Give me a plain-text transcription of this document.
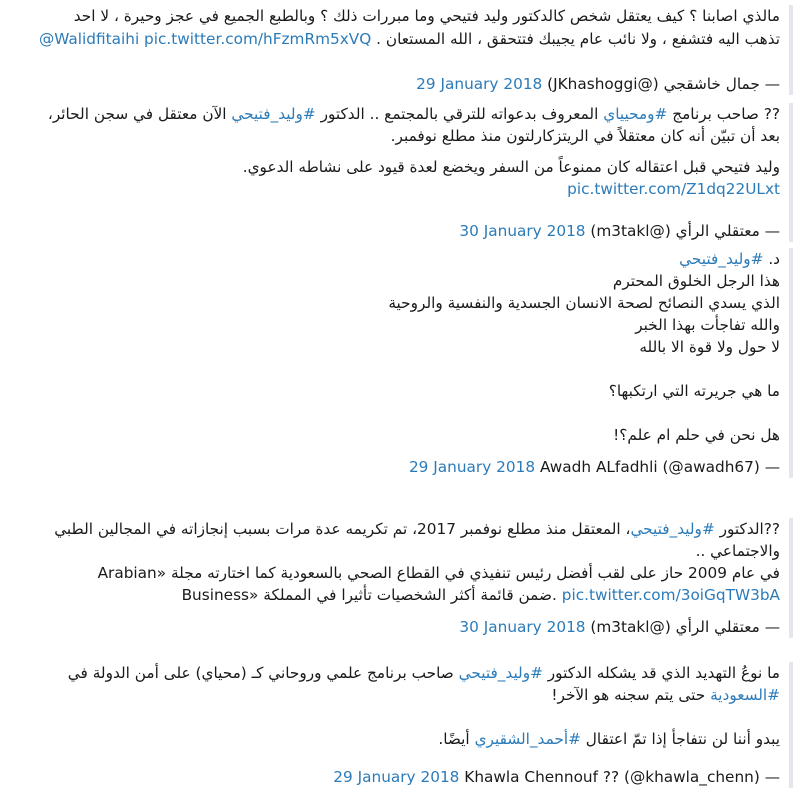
مالذي اصابنا ؟ كيف يعتقل شخص كالدكتور وليد فتيحي وما مبررات ذلك ؟ وبالطبع الجميع في عجز وحيرة ، لا احد
تذهب اليه فتشفع ، ولا نائب عام يجيبك فتتحقق ، الله المستعان . @Walidfitaihi pic.twitter.com/hFzmRm5xVQ
29 January 2018 جمال خاشقجي (@JKhashoggi) —
?? صاحب برنامج #ومحيياي المعروف بدعواته للترقي بالمجتمع .. الدكتور #وليد_فتيحي الآن معتقل في سجن الحائر،
بعد أن تبيّن أنه كان معتقلاً في الريتزكارلتون منذ مطلع نوفمبر.
وليد فتيحي قبل اعتقاله كان ممنوعاً من السفر ويخضع لعدة قيود على نشاطه الدعوي.
pic.twitter.com/Z1dq22ULxt
30 January 2018 معتقلي الرأي (@m3takl) —
د. #وليد_فتيحي
هذا الرجل الخلوق المحترم
الذي يسدي النصائح لصحة الانسان الجسدية والنفسية والروحية
والله تفاجأت بهذا الخبر
لا حول ولا قوة الا بالله
ما هي جريرته التي ارتكبها؟
هل نحن في حلم ام علم؟!
29 January 2018 Awadh ALfadhli (@awadh67) —
??الدكتور #وليد_فتيحي، المعتقل منذ مطلع نوفمبر 2017، تم تكريمه عدة مرات بسبب إنجازاته في المجالين الطبي
والاجتماعي ..
في عام 2009 حاز على لقب أفضل رئيس تنفيذي في القطاع الصحي بالسعودية كما اختارته مجلة «Arabian
Business» ضمن قائمة أكثر الشخصيات تأثيرا في المملكة. pic.twitter.com/3oiGqTW3bA
30 January 2018 معتقلي الرأي (@m3takl) —
ما نوعُ التهديد الذي قد يشكله الدكتور #وليد_فتيحي صاحب برنامج علمي وروحاني كـ (محياي) على أمن الدولة في
#السعودية حتى يتم سجنه هو الآخر!
يبدو أننا لن نتفاجأ إذا تمّ اعتقال #أحمد_الشقيري أيضًا.
29 January 2018 Khawla Chennouf ?? (@khawla_chenn) —
